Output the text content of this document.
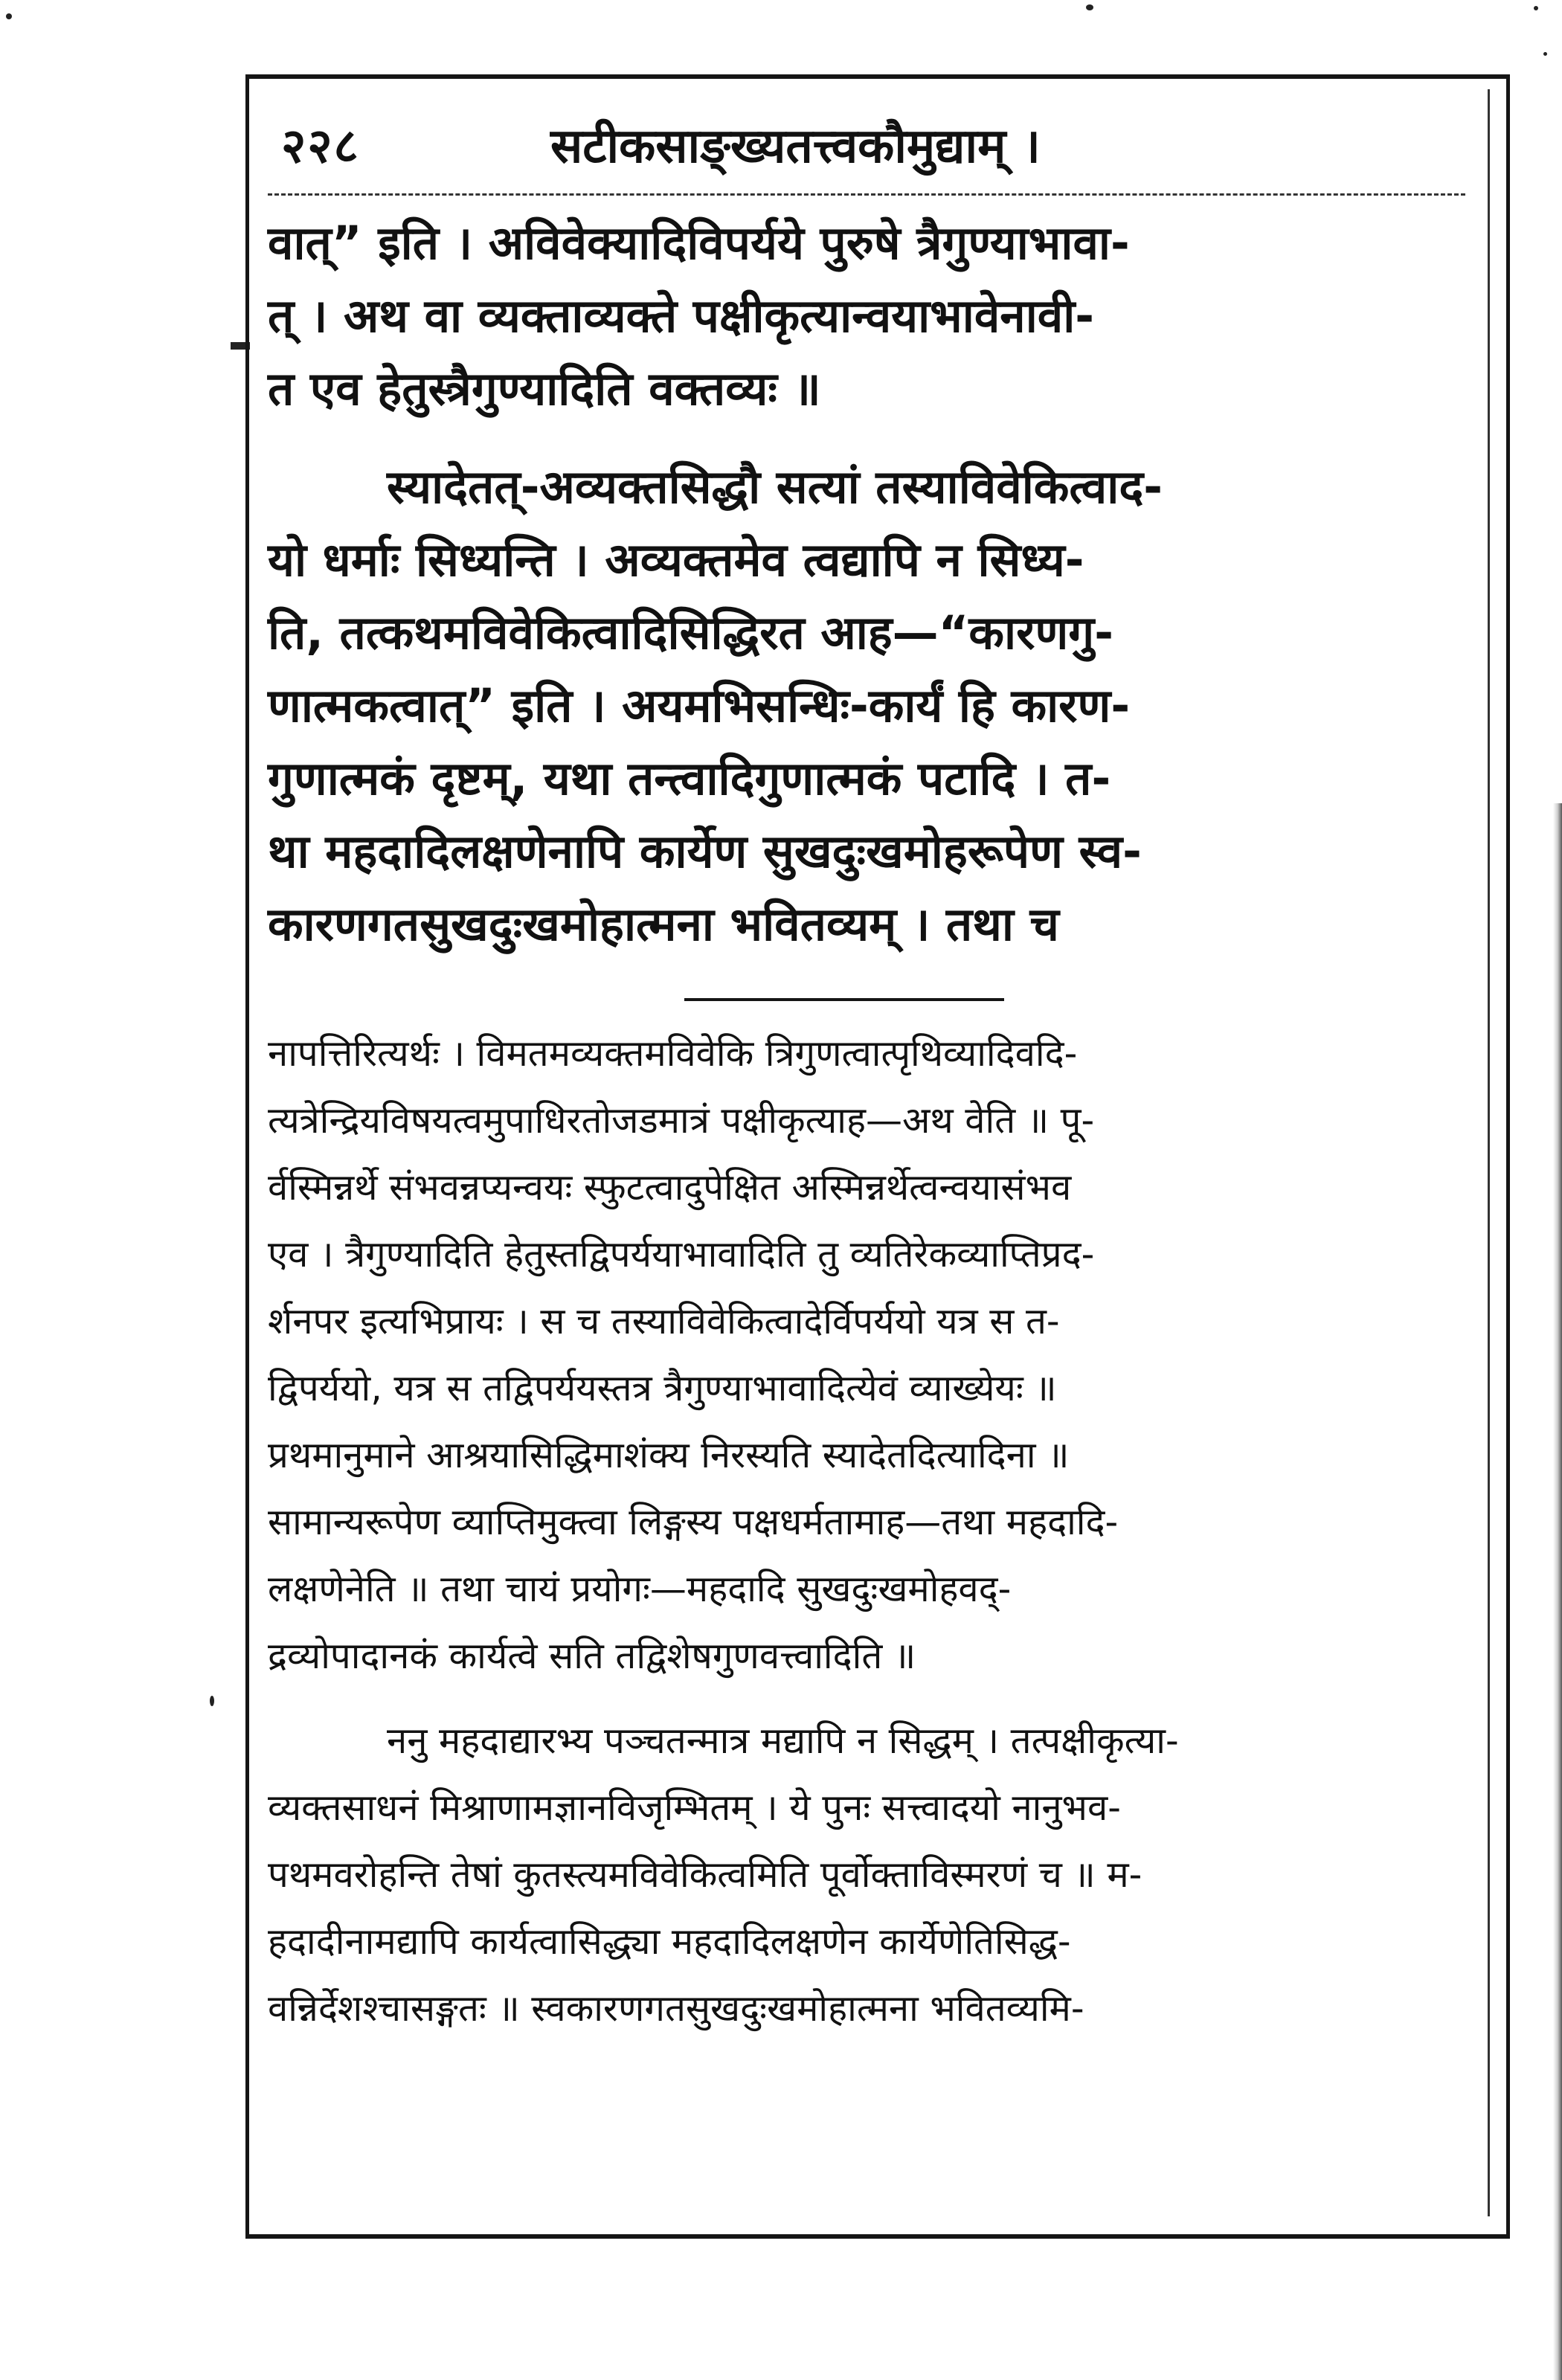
२२८	सटीकसाङ्ख्यतत्त्वकौमुद्याम् ।
वात्” इति । अविवेक्यादिविपर्यये पुरुषे त्रैगुण्याभावा-
त् । अथ वा व्यक्ताव्यक्ते पक्षीकृत्यान्वयाभावेनावी-
त एव हेतुस्त्रैगुण्यादिति वक्तव्यः ॥
स्यादेतत्-अव्यक्तसिद्धौ सत्यां तस्याविवेकित्वाद-
यो धर्माः सिध्यन्ति । अव्यक्तमेव त्वद्यापि न सिध्य-
ति, तत्कथमविवेकित्वादिसिद्धिरत आह—“कारणगु-
णात्मकत्वात्” इति । अयमभिसन्धिः-कार्यं हि कारण-
गुणात्मकं दृष्टम्, यथा तन्त्वादिगुणात्मकं पटादि । त-
था महदादिलक्षणेनापि कार्येण सुखदुःखमोहरूपेण स्व-
कारणगतसुखदुःखमोहात्मना भवितव्यम् । तथा च
नापत्तिरित्यर्थः । विमतमव्यक्तमविवेकि त्रिगुणत्वात्पृथिव्यादिवदि-
त्यत्रेन्द्रियविषयत्वमुपाधिरतोजडमात्रं पक्षीकृत्याह—अथ वेति ॥ पू-
र्वस्मिन्नर्थे संभवन्नप्यन्वयः स्फुटत्वादुपेक्षित अस्मिन्नर्थेत्वन्वयासंभव
एव । त्रैगुण्यादिति हेतुस्तद्विपर्ययाभावादिति तु व्यतिरेकव्याप्तिप्रद-
र्शनपर इत्यभिप्रायः । स च तस्याविवेकित्वादेर्विपर्ययो यत्र स त-
द्विपर्ययो, यत्र स तद्विपर्ययस्तत्र त्रैगुण्याभावादित्येवं व्याख्येयः ॥
प्रथमानुमाने आश्रयासिद्धिमाशंक्य निरस्यति स्यादेतदित्यादिना ॥
सामान्यरूपेण व्याप्तिमुक्त्वा लिङ्गस्य पक्षधर्मतामाह—तथा महदादि-
लक्षणेनेति ॥ तथा चायं प्रयोगः—महदादि सुखदुःखमोहवद्-
द्रव्योपादानकं कार्यत्वे सति तद्विशेषगुणवत्त्वादिति ॥
ननु महदाद्यारभ्य पञ्चतन्मात्र मद्यापि न सिद्धम् । तत्पक्षीकृत्या-
व्यक्तसाधनं मिश्राणामज्ञानविजृम्भितम् । ये पुनः सत्त्वादयो नानुभव-
पथमवरोहन्ति तेषां कुतस्त्यमविवेकित्वमिति पूर्वोक्ताविस्मरणं च ॥ म-
हदादीनामद्यापि कार्यत्वासिद्ध्या महदादिलक्षणेन कार्येणेतिसिद्ध-
वन्निर्देशश्चासङ्गतः ॥ स्वकारणगतसुखदुःखमोहात्मना भवितव्यमि-
